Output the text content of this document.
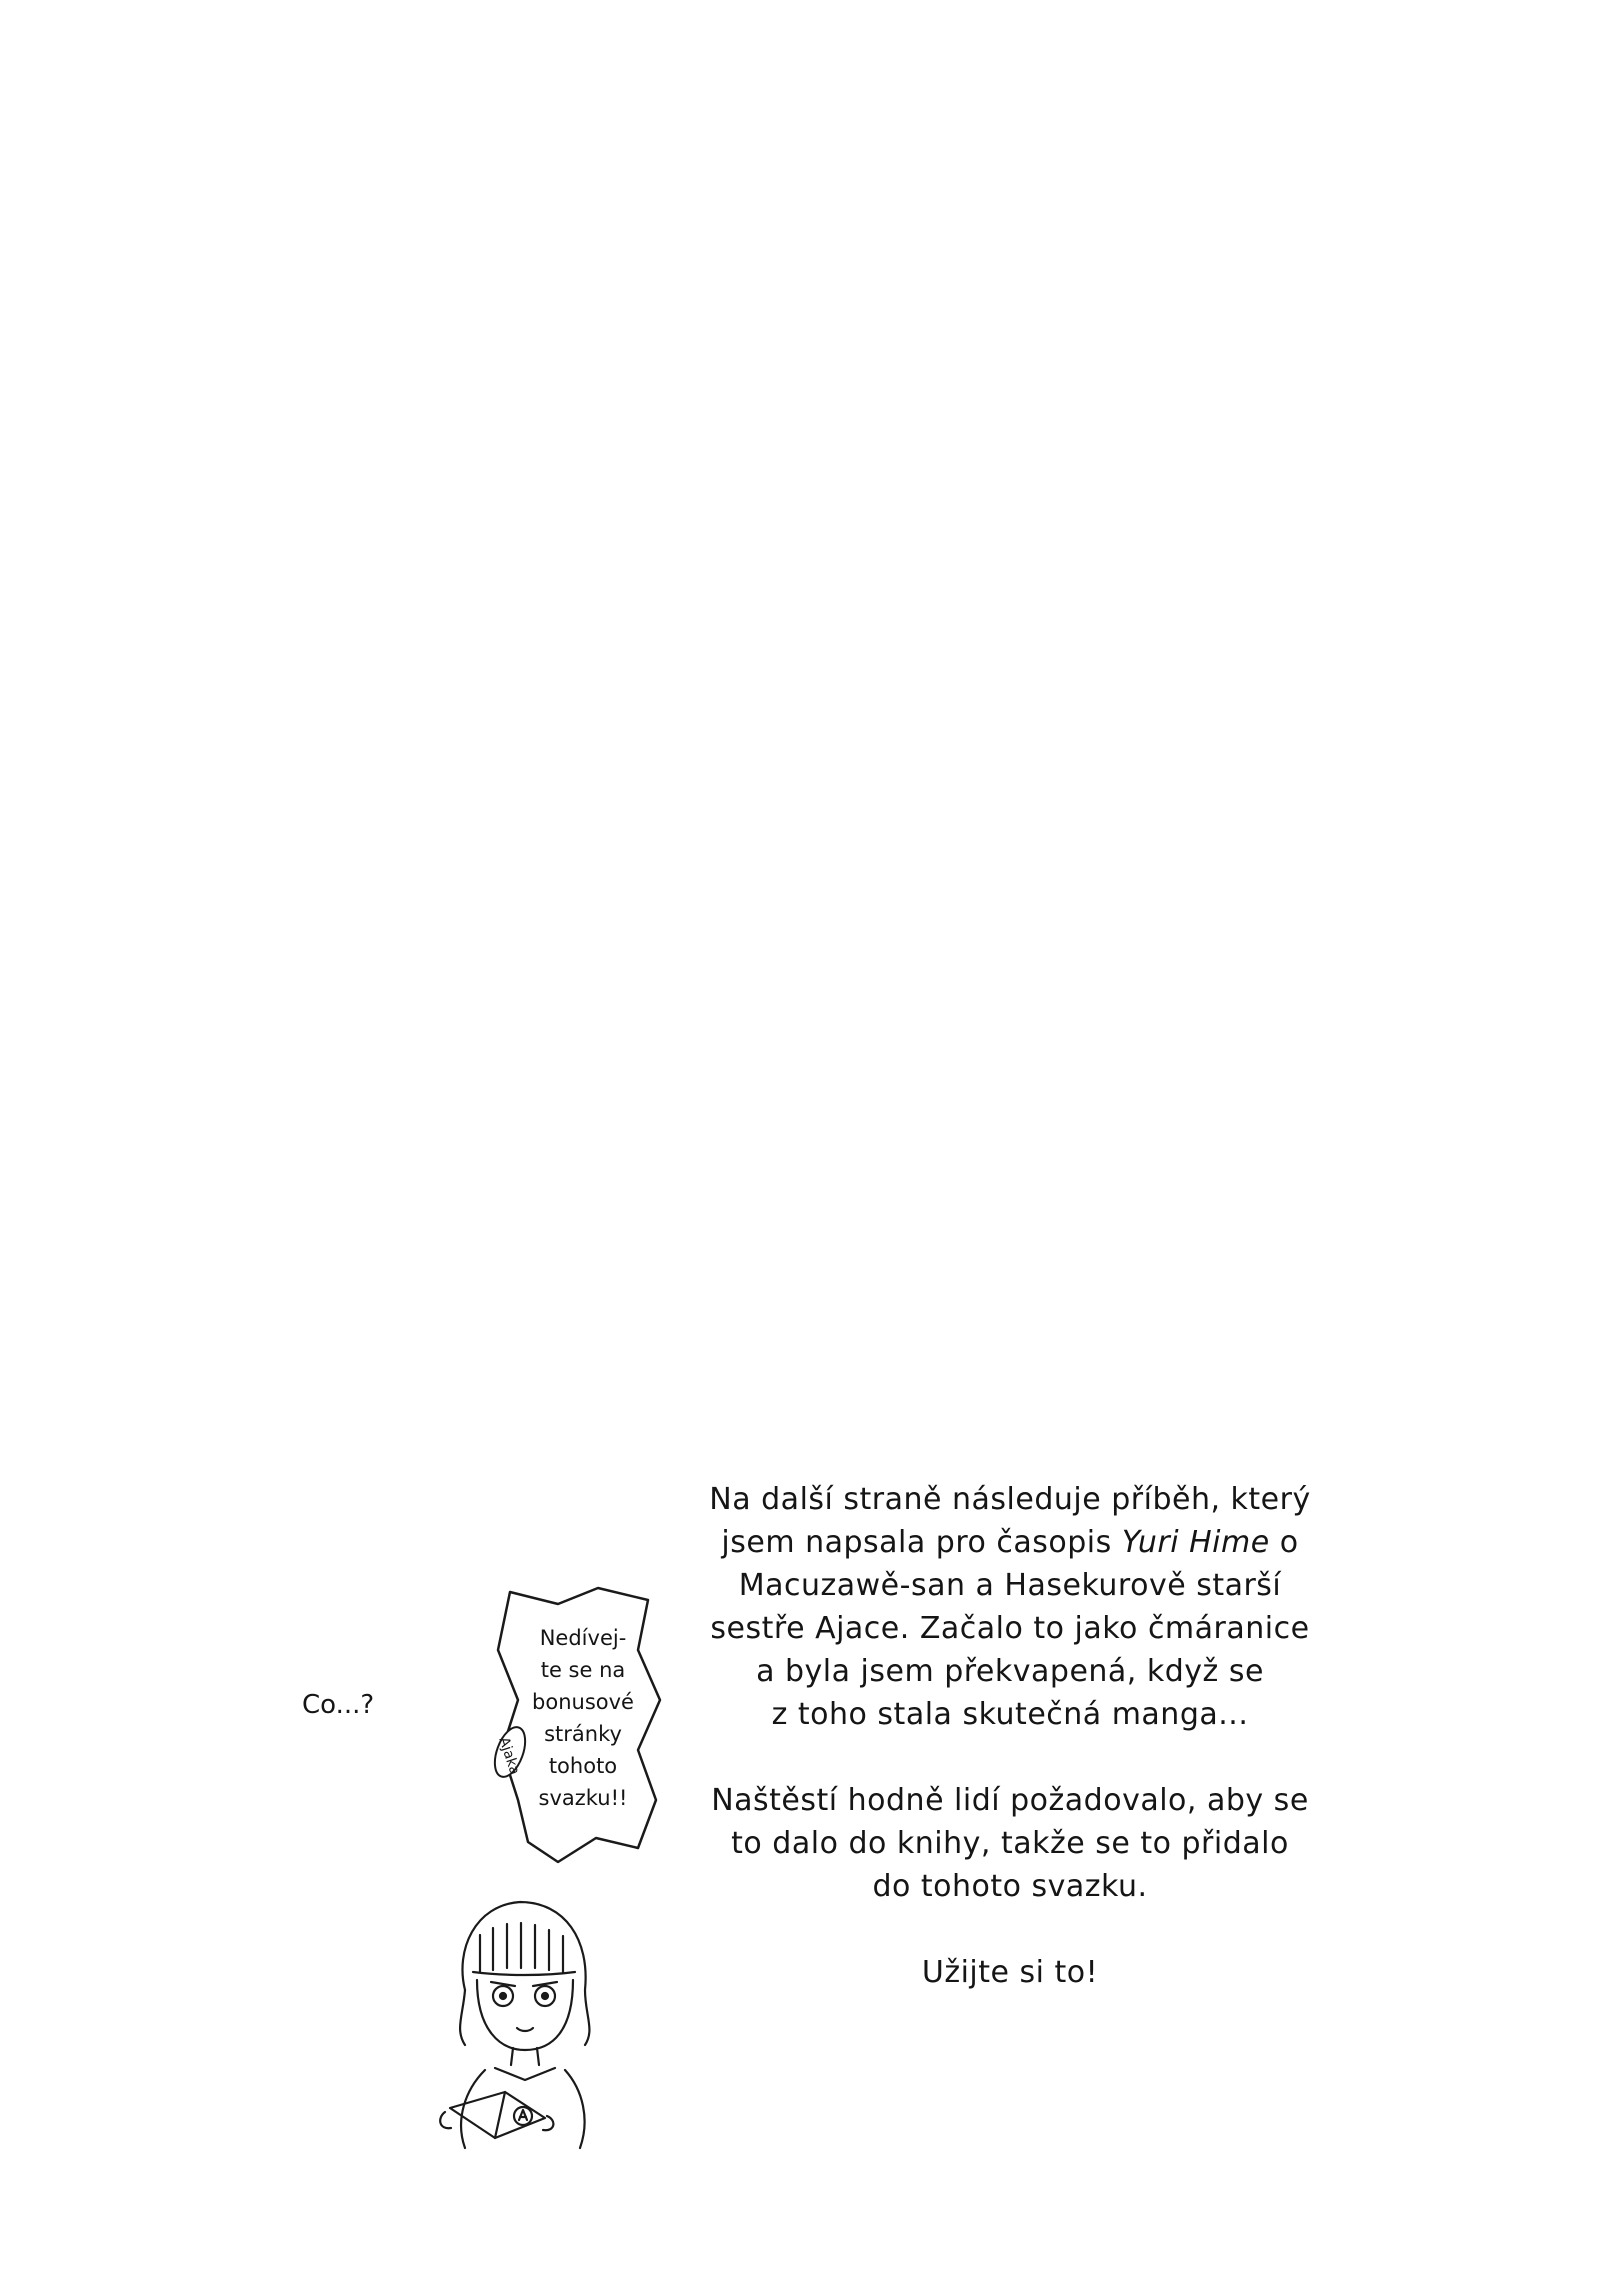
Na další straně následuje příběh, který
jsem napsala pro časopis Yuri Hime o
Macuzawě-san a Hasekurově starší
sestře Ajace. Začalo to jako čmáranice
a byla jsem překvapená, když se
z toho stala skutečná manga...

Naštěstí hodně lidí požadovalo, aby se
to dalo do knihy, takže se to přidalo
do tohoto svazku.

Užijte si to!

Nedívej-
te se na
bonusové
stránky
tohoto
svazku!!
Ajaka
Co...?
